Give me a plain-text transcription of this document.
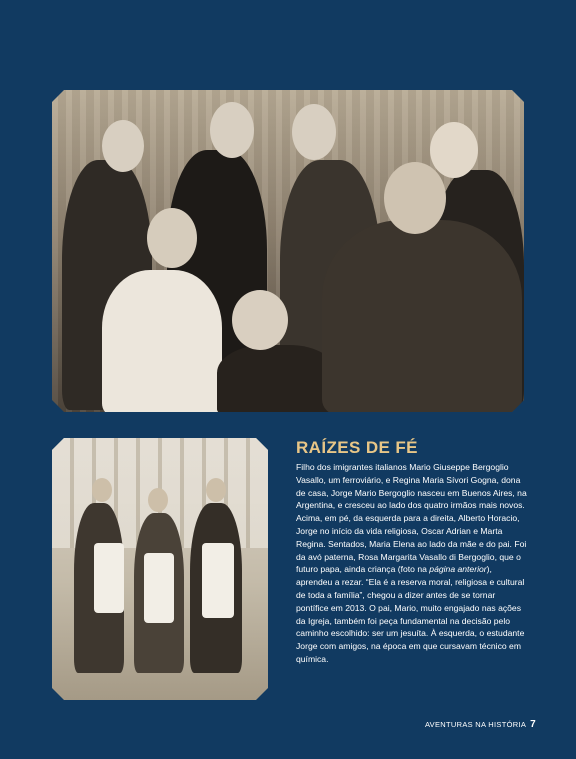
RAÍZES DE FÉ

Filho dos imigrantes italianos Mario Giuseppe Bergoglio Vasallo, um ferroviário, e Regina Maria Sívori Gogna, dona de casa, Jorge Mario Bergoglio nasceu em Buenos Aires, na Argentina, e cresceu ao lado dos quatro irmãos mais novos. Acima, em pé, da esquerda para a direita, Alberto Horacio, Jorge no início da vida religiosa, Oscar Adrian e Marta Regina. Sentados, Maria Elena ao lado da mãe e do pai. Foi da avó paterna, Rosa Margarita Vasallo di Bergoglio, que o futuro papa, ainda criança (foto na página anterior), aprendeu a rezar. “Ela é a reserva moral, religiosa e cultural de toda a família”, chegou a dizer antes de se tornar pontífice em 2013. O pai, Mario, muito engajado nas ações da Igreja, também foi peça fundamental na decisão pelo caminho escolhido: ser um jesuíta. À esquerda, o estudante Jorge com amigos, na época em que cursavam técnico em química.

AVENTURAS NA HISTÓRIA 7
